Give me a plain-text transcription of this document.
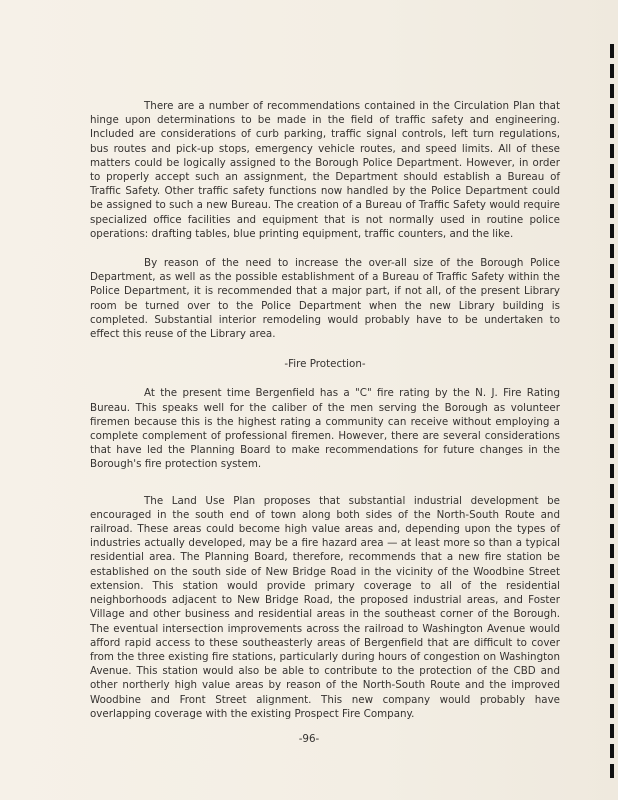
There are a number of recommendations contained in the Circulation Plan that hinge upon determinations to be made in the field of traffic safety and engineering. Included are considerations of curb parking, traffic signal controls, left turn regulations, bus routes and pick-up stops, emergency vehicle routes, and speed limits. All of these matters could be logically assigned to the Borough Police Department. However, in order to properly accept such an assignment, the Department should establish a Bureau of Traffic Safety. Other traffic safety functions now handled by the Police Department could be assigned to such a new Bureau. The creation of a Bureau of Traffic Safety would require specialized office facilities and equipment that is not normally used in routine police operations: drafting tables, blue printing equipment, traffic counters, and the like.

By reason of the need to increase the over-all size of the Borough Police Department, as well as the possible establishment of a Bureau of Traffic Safety within the Police Department, it is recommended that a major part, if not all, of the present Library room be turned over to the Police Department when the new Library building is completed. Substantial interior remodeling would probably have to be undertaken to effect this reuse of the Library area.

-Fire Protection-

At the present time Bergenfield has a "C" fire rating by the N. J. Fire Rating Bureau. This speaks well for the caliber of the men serving the Borough as volunteer firemen because this is the highest rating a community can receive without employing a complete complement of professional firemen. However, there are several considerations that have led the Planning Board to make recommendations for future changes in the Borough's fire protection system.

The Land Use Plan proposes that substantial industrial development be encouraged in the south end of town along both sides of the North-South Route and railroad. These areas could become high value areas and, depending upon the types of industries actually developed, may be a fire hazard area — at least more so than a typical residential area. The Planning Board, therefore, recommends that a new fire station be established on the south side of New Bridge Road in the vicinity of the Woodbine Street extension. This station would provide primary coverage to all of the residential neighborhoods adjacent to New Bridge Road, the proposed industrial areas, and Foster Village and other business and residential areas in the southeast corner of the Borough. The eventual intersection improvements across the railroad to Washington Avenue would afford rapid access to these southeasterly areas of Bergenfield that are difficult to cover from the three existing fire stations, particularly during hours of congestion on Washington Avenue. This station would also be able to contribute to the protection of the CBD and other northerly high value areas by reason of the North-South Route and the improved Woodbine and Front Street alignment. This new company would probably have overlapping coverage with the existing Prospect Fire Company.

-96-
